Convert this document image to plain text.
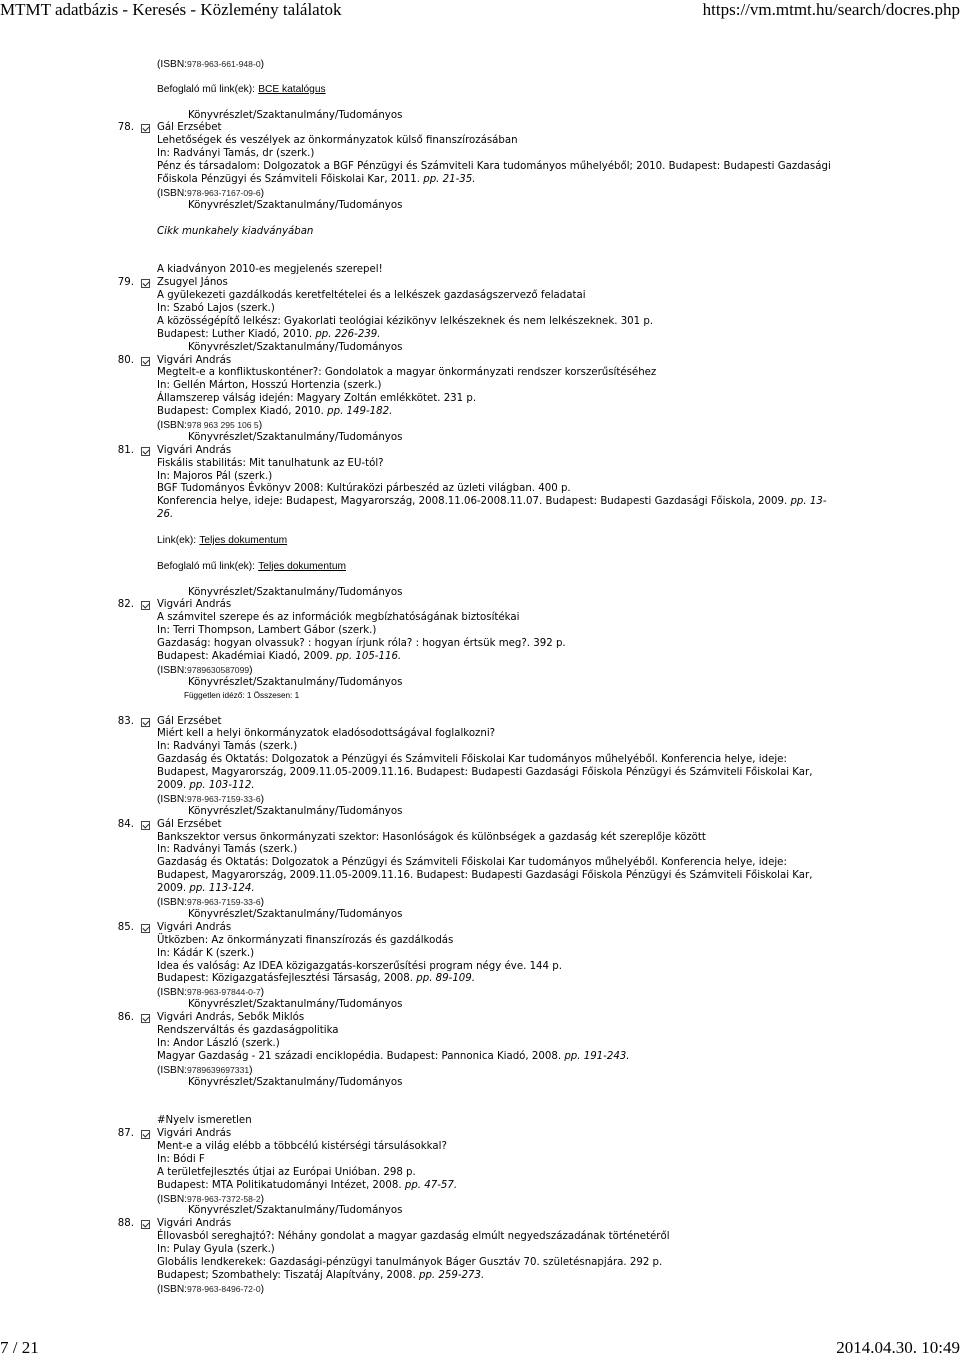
MTMT adatbázis - Keresés - Közlemény találatok	https://vm.mtmt.hu/search/docres.php
(ISBN:978-963-661-948-0)
Befoglaló mű link(ek): BCE katalógus
Könyvrészlet/Szaktanulmány/Tudományos
78. Gál Erzsébet
Lehetőségek és veszélyek az önkormányzatok külső finanszírozásában
In: Radványi Tamás, dr (szerk.)
Pénz és társadalom: Dolgozatok a BGF Pénzügyi és Számviteli Kara tudományos műhelyéből; 2010. Budapest: Budapesti Gazdasági Főiskola Pénzügyi és Számviteli Főiskolai Kar, 2011. pp. 21-35.
(ISBN:978-963-7167-09-6)
Könyvrészlet/Szaktanulmány/Tudományos
Cikk munkahely kiadványában
A kiadványon 2010-es megjelenés szerepel!
79. Zsugyel János
A gyülekezeti gazdálkodás keretfeltételei és a lelkészek gazdaságszervező feladatai
In: Szabó Lajos (szerk.)
A közösségépítő lelkész: Gyakorlati teológiai kézikönyv lelkészeknek és nem lelkészeknek. 301 p.
Budapest: Luther Kiadó, 2010. pp. 226-239.
Könyvrészlet/Szaktanulmány/Tudományos
80. Vigvári András
Megtelt-e a konfliktuskonténer?: Gondolatok a magyar önkormányzati rendszer korszerűsítéséhez
In: Gellén Márton, Hosszú Hortenzia (szerk.)
Államszerep válság idején: Magyary Zoltán emlékkötet. 231 p.
Budapest: Complex Kiadó, 2010. pp. 149-182.
(ISBN:978 963 295 106 5)
Könyvrészlet/Szaktanulmány/Tudományos
81. Vigvári András
Fiskális stabilitás: Mit tanulhatunk az EU-tól?
In: Majoros Pál (szerk.)
BGF Tudományos Évkönyv 2008: Kultúraközi párbeszéd az üzleti világban. 400 p.
Konferencia helye, ideje: Budapest, Magyarország, 2008.11.06-2008.11.07. Budapest: Budapesti Gazdasági Főiskola, 2009. pp. 13-26.
Link(ek): Teljes dokumentum
Befoglaló mű link(ek): Teljes dokumentum
Könyvrészlet/Szaktanulmány/Tudományos
82. Vigvári András
A számvitel szerepe és az információk megbízhatóságának biztosítékai
In: Terri Thompson, Lambert Gábor (szerk.)
Gazdaság: hogyan olvassuk? : hogyan írjunk róla? : hogyan értsük meg?. 392 p.
Budapest: Akadémiai Kiadó, 2009. pp. 105-116.
(ISBN:9789630587099)
Könyvrészlet/Szaktanulmány/Tudományos
Független idéző: 1 Összesen: 1
83. Gál Erzsébet
Miért kell a helyi önkormányzatok eladósodottságával foglalkozni?
In: Radványi Tamás (szerk.)
Gazdaság és Oktatás: Dolgozatok a Pénzügyi és Számviteli Főiskolai Kar tudományos műhelyéből. Konferencia helye, ideje: Budapest, Magyarország, 2009.11.05-2009.11.16. Budapest: Budapesti Gazdasági Főiskola Pénzügyi és Számviteli Főiskolai Kar, 2009. pp. 103-112.
(ISBN:978-963-7159-33-6)
Könyvrészlet/Szaktanulmány/Tudományos
84. Gál Erzsébet
Bankszektor versus önkormányzati szektor: Hasonlóságok és különbségek a gazdaság két szereplője között
In: Radványi Tamás (szerk.)
Gazdaság és Oktatás: Dolgozatok a Pénzügyi és Számviteli Főiskolai Kar tudományos műhelyéből. Konferencia helye, ideje: Budapest, Magyarország, 2009.11.05-2009.11.16. Budapest: Budapesti Gazdasági Főiskola Pénzügyi és Számviteli Főiskolai Kar, 2009. pp. 113-124.
(ISBN:978-963-7159-33-6)
Könyvrészlet/Szaktanulmány/Tudományos
85. Vigvári András
Ütközben: Az önkormányzati finanszírozás és gazdálkodás
In: Kádár K (szerk.)
Idea és valóság: Az IDEA közigazgatás-korszerűsítési program négy éve. 144 p.
Budapest: Közigazgatásfejlesztési Társaság, 2008. pp. 89-109.
(ISBN:978-963-97844-0-7)
Könyvrészlet/Szaktanulmány/Tudományos
86. Vigvári András, Sebők Miklós
Rendszerváltás és gazdaságpolitika
In: Andor László (szerk.)
Magyar Gazdaság - 21 századi enciklopédia. Budapest: Pannonica Kiadó, 2008. pp. 191-243.
(ISBN:9789639697331)
Könyvrészlet/Szaktanulmány/Tudományos
#Nyelv ismeretlen
87. Vigvári András
Ment-e a világ elébb a többcélú kistérségi társulásokkal?
In: Bódi F
A területfejlesztés útjai az Európai Unióban. 298 p.
Budapest: MTA Politikatudományi Intézet, 2008. pp. 47-57.
(ISBN:978-963-7372-58-2)
Könyvrészlet/Szaktanulmány/Tudományos
88. Vigvári András
Éllovasból sereghajtó?: Néhány gondolat a magyar gazdaság elmúlt negyedszázadának történetéről
In: Pulay Gyula (szerk.)
Globális lendkerekek: Gazdasági-pénzügyi tanulmányok Báger Gusztáv 70. születésnapjára. 292 p.
Budapest; Szombathely: Tiszatáj Alapítvány, 2008. pp. 259-273.
(ISBN:978-963-8496-72-0)
7 / 21	2014.04.30. 10:49
